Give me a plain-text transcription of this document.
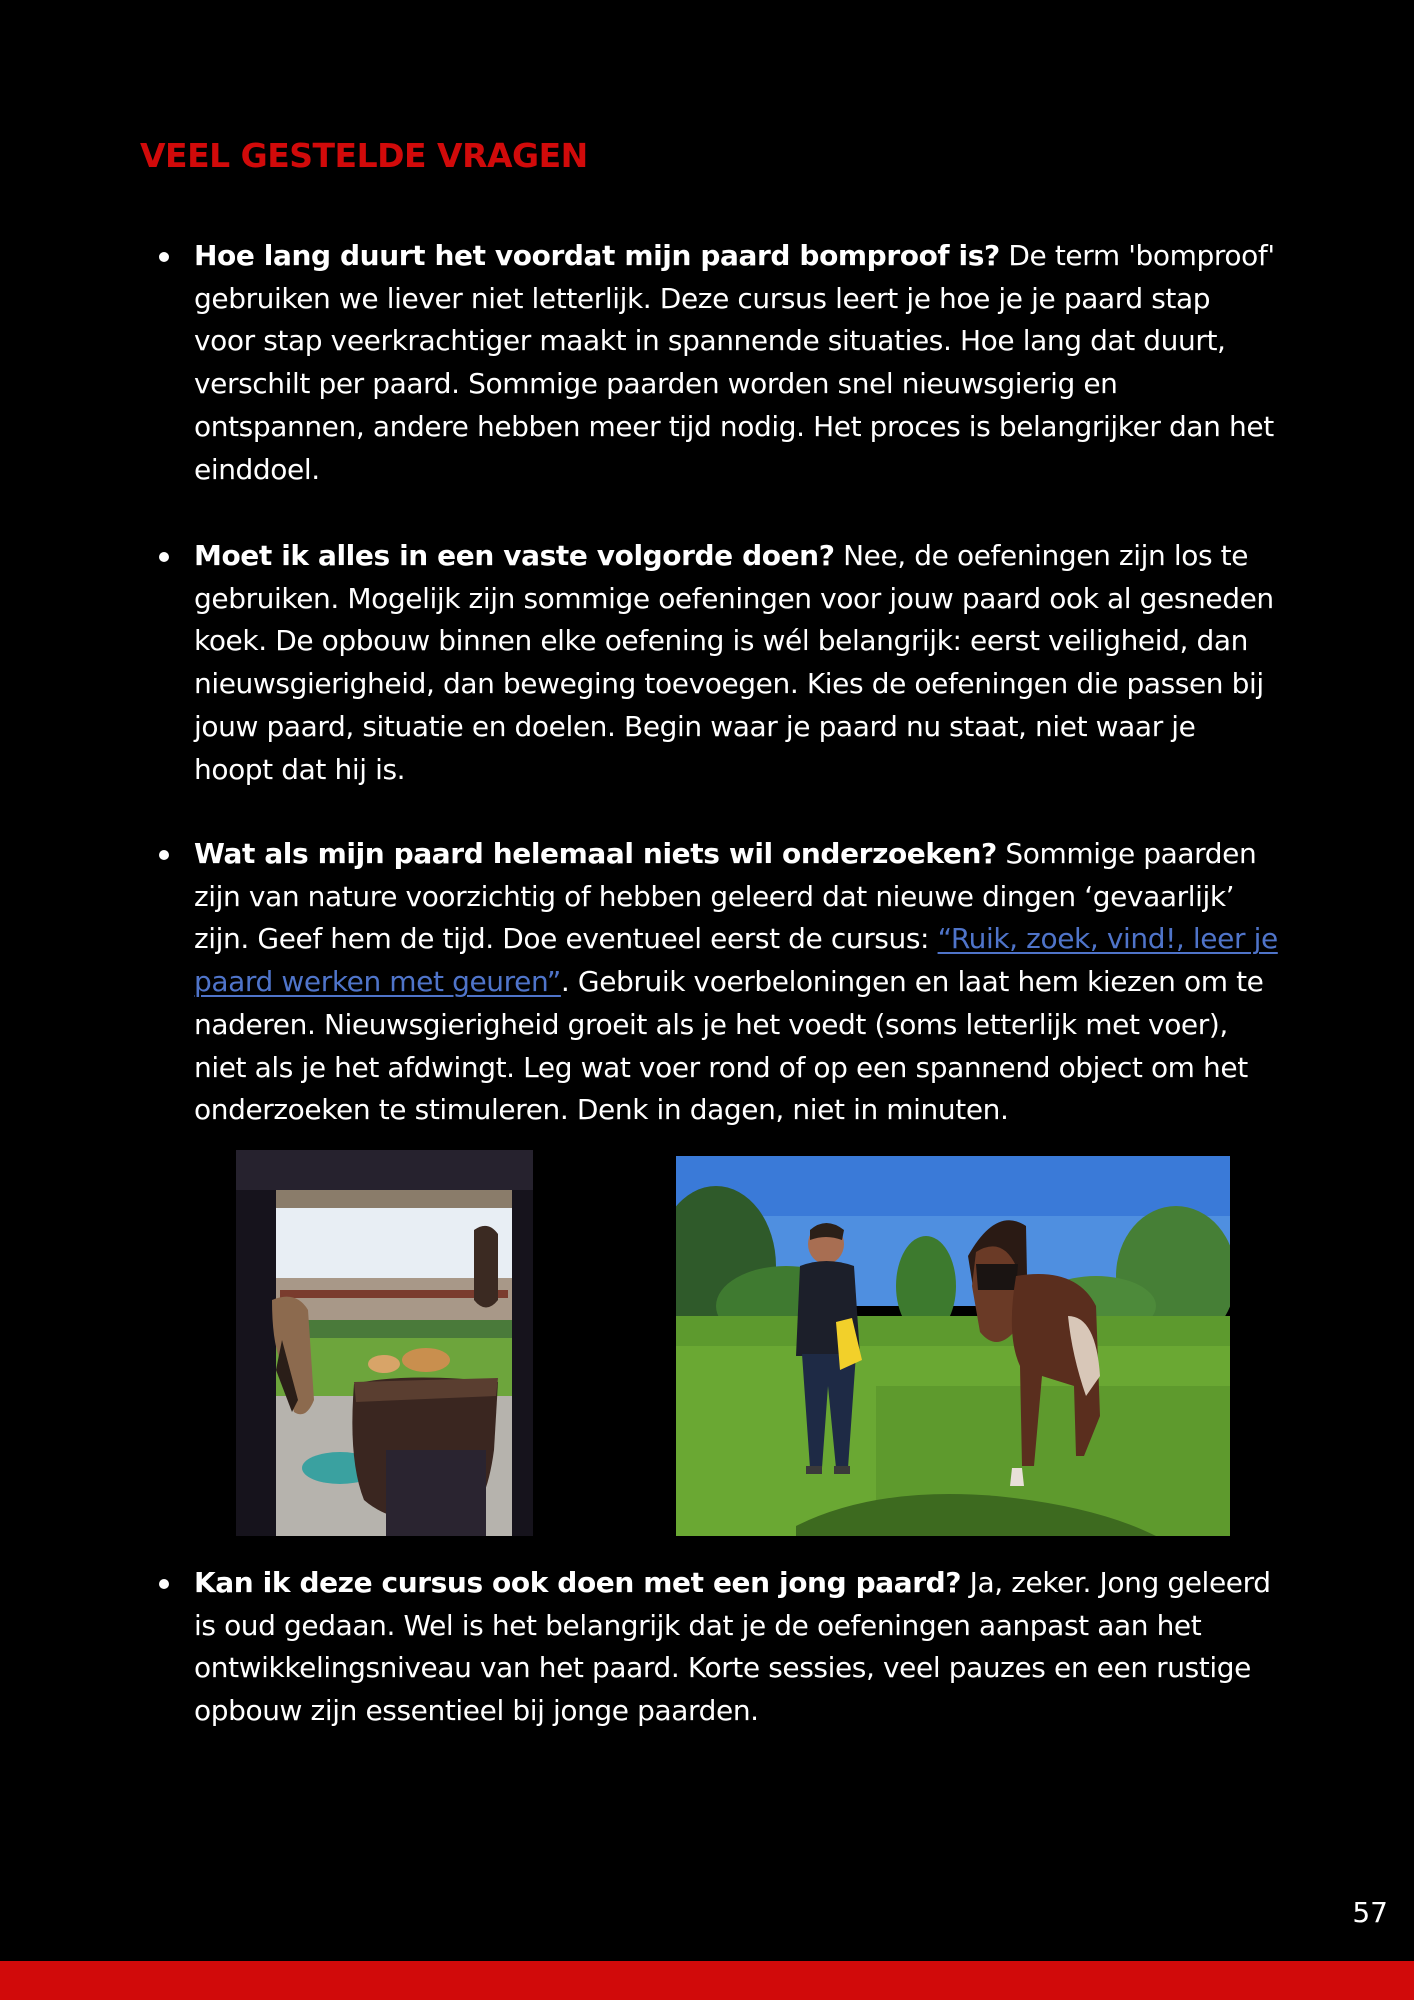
VEEL GESTELDE VRAGEN
Hoe lang duurt het voordat mijn paard bomproof is? De term 'bomproof' gebruiken we liever niet letterlijk. Deze cursus leert je hoe je je paard stap voor stap veerkrachtiger maakt in spannende situaties. Hoe lang dat duurt, verschilt per paard. Sommige paarden worden snel nieuwsgierig en ontspannen, andere hebben meer tijd nodig. Het proces is belangrijker dan het einddoel.
Moet ik alles in een vaste volgorde doen? Nee, de oefeningen zijn los te gebruiken. Mogelijk zijn sommige oefeningen voor jouw paard ook al gesneden koek. De opbouw binnen elke oefening is wél belangrijk: eerst veiligheid, dan nieuwsgierigheid, dan beweging toevoegen. Kies de oefeningen die passen bij jouw paard, situatie en doelen. Begin waar je paard nu staat, niet waar je hoopt dat hij is.
Wat als mijn paard helemaal niets wil onderzoeken? Sommige paarden zijn van nature voorzichtig of hebben geleerd dat nieuwe dingen ‘gevaarlijk’ zijn. Geef hem de tijd. Doe eventueel eerst de cursus: “Ruik, zoek, vind!, leer je paard werken met geuren”. Gebruik voerbeloningen en laat hem kiezen om te naderen. Nieuwsgierigheid groeit als je het voedt (soms letterlijk met voer), niet als je het afdwingt. Leg wat voer rond of op een spannend object om het onderzoeken te stimuleren. Denk in dagen, niet in minuten.
Kan ik deze cursus ook doen met een jong paard? Ja, zeker. Jong geleerd is oud gedaan. Wel is het belangrijk dat je de oefeningen aanpast aan het ontwikkelingsniveau van het paard. Korte sessies, veel pauzes en een rustige opbouw zijn essentieel bij jonge paarden.
57
